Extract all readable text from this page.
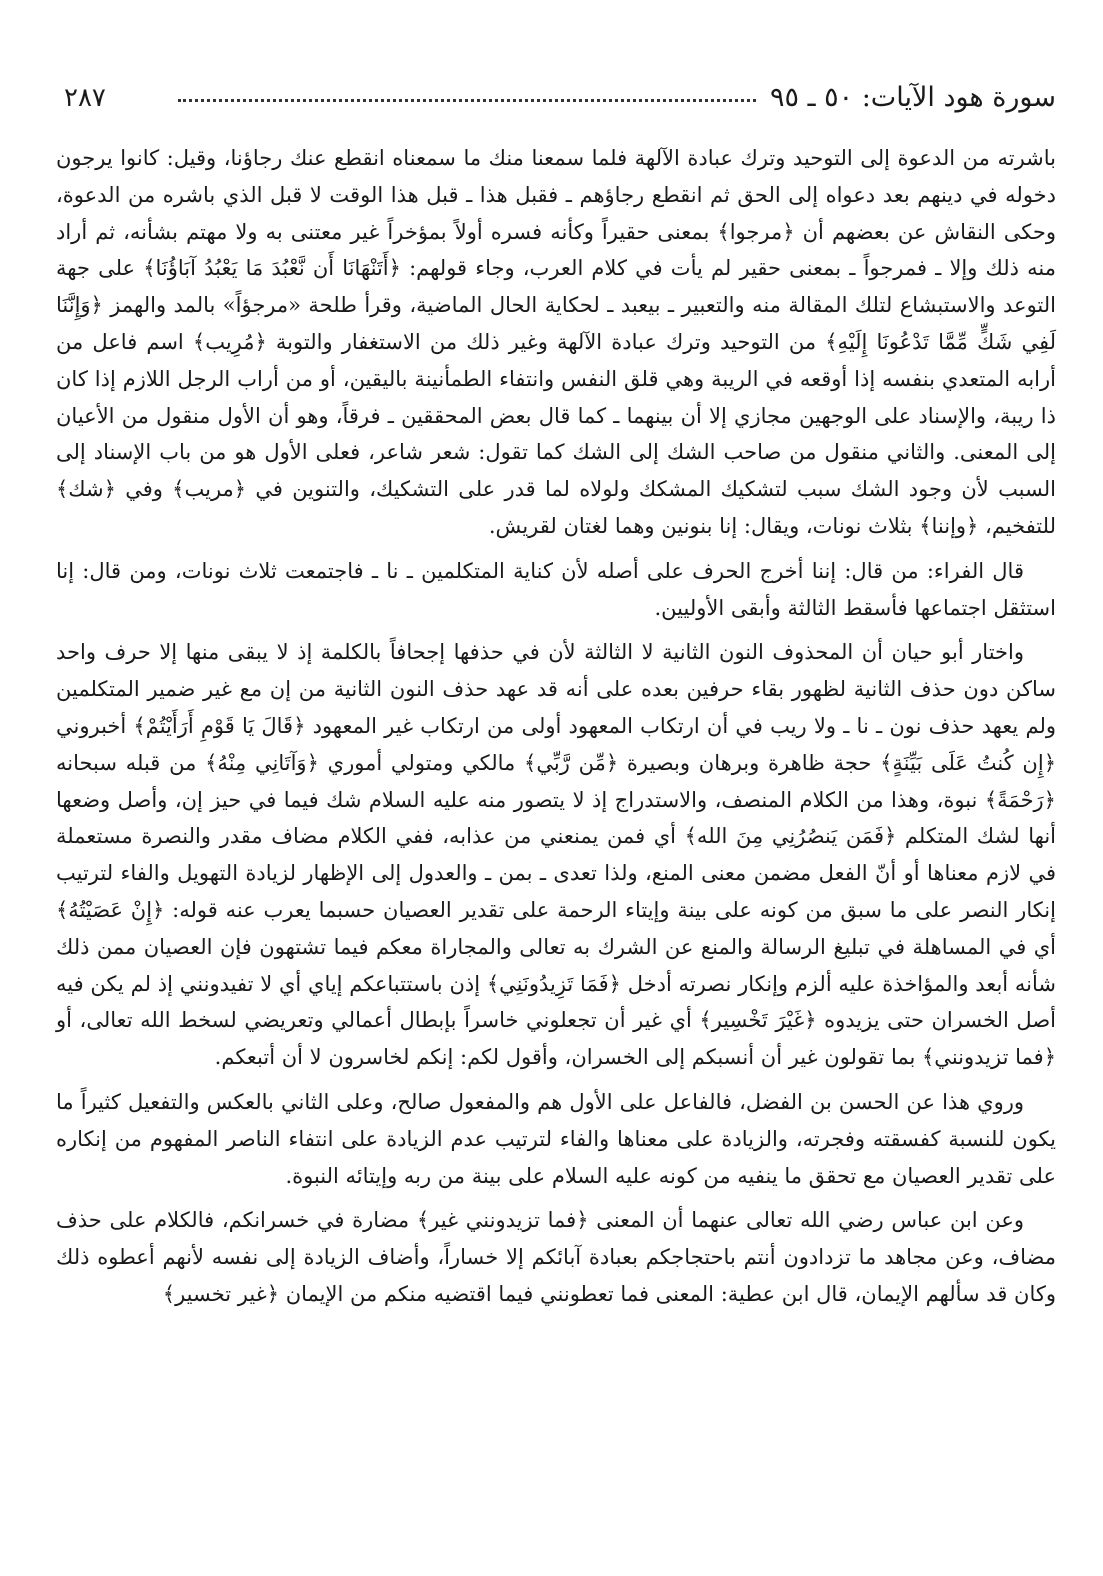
سورة هود الآيات: ٥٠ ـ ٩٥
٢٨٧

باشرته من الدعوة إلى التوحيد وترك عبادة الآلهة فلما سمعنا منك ما سمعناه انقطع عنك رجاؤنا، وقيل: كانوا يرجون دخوله في دينهم بعد دعواه إلى الحق ثم انقطع رجاؤهم ـ فقبل هذا ـ قبل هذا الوقت لا قبل الذي باشره من الدعوة، وحكى النقاش عن بعضهم أن ﴿مرجوا﴾ بمعنى حقيراً وكأنه فسره أولاً بمؤخراً غير معتنى به ولا مهتم بشأنه، ثم أراد منه ذلك وإلا ـ فمرجواً ـ بمعنى حقير لم يأت في كلام العرب، وجاء قولهم: ﴿أَتَنْهَانَا أَن نَّعْبُدَ مَا يَعْبُدُ آبَاؤُنَا﴾ على جهة التوعد والاستبشاع لتلك المقالة منه والتعبير ـ بيعبد ـ لحكاية الحال الماضية، وقرأ طلحة «مرجؤاً» بالمد والهمز ﴿وَإِنَّنَا لَفِي شَكٍّ مِّمَّا تَدْعُونَا إِلَيْهِ﴾ من التوحيد وترك عبادة الآلهة وغير ذلك من الاستغفار والتوبة ﴿مُرِيب﴾ اسم فاعل من أرابه المتعدي بنفسه إذا أوقعه في الريبة وهي قلق النفس وانتفاء الطمأنينة باليقين، أو من أراب الرجل اللازم إذا كان ذا ريبة، والإسناد على الوجهين مجازي إلا أن بينهما ـ كما قال بعض المحققين ـ فرقاً، وهو أن الأول منقول من الأعيان إلى المعنى. والثاني منقول من صاحب الشك إلى الشك كما تقول: شعر شاعر، فعلى الأول هو من باب الإسناد إلى السبب لأن وجود الشك سبب لتشكيك المشكك ولولاه لما قدر على التشكيك، والتنوين في ﴿مريب﴾ وفي ﴿شك﴾ للتفخيم، ﴿وإننا﴾ بثلاث نونات، ويقال: إنا بنونين وهما لغتان لقريش.

قال الفراء: من قال: إننا أخرج الحرف على أصله لأن كناية المتكلمين ـ نا ـ فاجتمعت ثلاث نونات، ومن قال: إنا استثقل اجتماعها فأسقط الثالثة وأبقى الأوليين.

واختار أبو حيان أن المحذوف النون الثانية لا الثالثة لأن في حذفها إجحافاً بالكلمة إذ لا يبقى منها إلا حرف واحد ساكن دون حذف الثانية لظهور بقاء حرفين بعده على أنه قد عهد حذف النون الثانية من إن مع غير ضمير المتكلمين ولم يعهد حذف نون ـ نا ـ ولا ريب في أن ارتكاب المعهود أولى من ارتكاب غير المعهود ﴿قَالَ يَا قَوْمِ أَرَأَيْتُمْ﴾ أخبروني ﴿إِن كُنتُ عَلَى بَيِّنَةٍ﴾ حجة ظاهرة وبرهان وبصيرة ﴿مِّن رَّبِّي﴾ مالكي ومتولي أموري ﴿وَآتَانِي مِنْهُ﴾ من قبله سبحانه ﴿رَحْمَةً﴾ نبوة، وهذا من الكلام المنصف، والاستدراج إذ لا يتصور منه عليه السلام شك فيما في حيز إن، وأصل وضعها أنها لشك المتكلم ﴿فَمَن يَنصُرُنِي مِنَ الله﴾ أي فمن يمنعني من عذابه، ففي الكلام مضاف مقدر والنصرة مستعملة في لازم معناها أو أنّ الفعل مضمن معنى المنع، ولذا تعدى ـ بمن ـ والعدول إلى الإظهار لزيادة التهويل والفاء لترتيب إنكار النصر على ما سبق من كونه على بينة وإيتاء الرحمة على تقدير العصيان حسبما يعرب عنه قوله: ﴿إِنْ عَصَيْتُهُ﴾ أي في المساهلة في تبليغ الرسالة والمنع عن الشرك به تعالى والمجاراة معكم فيما تشتهون فإن العصيان ممن ذلك شأنه أبعد والمؤاخذة عليه ألزم وإنكار نصرته أدخل ﴿فَمَا تَزِيدُونَنِي﴾ إذن باستتباعكم إياي أي لا تفيدونني إذ لم يكن فيه أصل الخسران حتى يزيدوه ﴿غَيْرَ تَخْسِير﴾ أي غير أن تجعلوني خاسراً بإبطال أعمالي وتعريضي لسخط الله تعالى، أو ﴿فما تزيدونني﴾ بما تقولون غير أن أنسبكم إلى الخسران، وأقول لكم: إنكم لخاسرون لا أن أتبعكم.

وروي هذا عن الحسن بن الفضل، فالفاعل على الأول هم والمفعول صالح، وعلى الثاني بالعكس والتفعيل كثيراً ما يكون للنسبة كفسقته وفجرته، والزيادة على معناها والفاء لترتيب عدم الزيادة على انتفاء الناصر المفهوم من إنكاره على تقدير العصيان مع تحقق ما ينفيه من كونه عليه السلام على بينة من ربه وإيتائه النبوة.

وعن ابن عباس رضي الله تعالى عنهما أن المعنى ﴿فما تزيدونني غير﴾ مضارة في خسرانكم، فالكلام على حذف مضاف، وعن مجاهد ما تزدادون أنتم باحتجاجكم بعبادة آبائكم إلا خساراً، وأضاف الزيادة إلى نفسه لأنهم أعطوه ذلك وكان قد سألهم الإيمان، قال ابن عطية: المعنى فما تعطونني فيما اقتضيه منكم من الإيمان ﴿غير تخسير﴾
